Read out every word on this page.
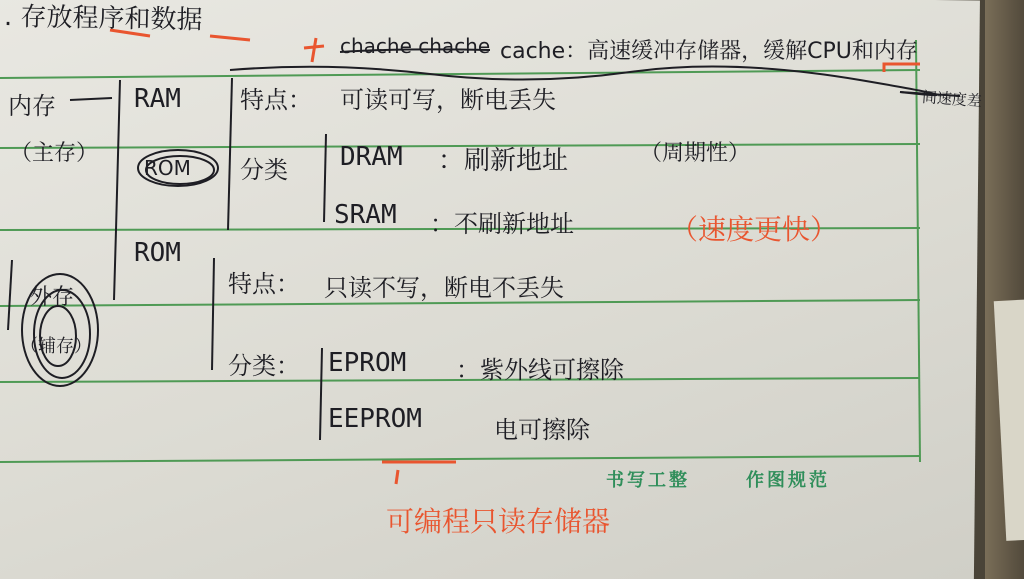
. 存放程序和数据
chache chache cache：高速缓冲存储器，缓解CPU和内存
间速度差
内存
（主存）
外存
（辅存）
RAM 特点： 可读可写，断电丢失
ROM 分类 DRAM ：刷新地址	（周期性）
SRAM ：不刷新地址	（速度更快）
ROM
特点： 只读不写，断电不丢失
分类： EPROM ：紫外线可擦除
EEPROM	电可擦除
可编程只读存储器
书写工整	作图规范
